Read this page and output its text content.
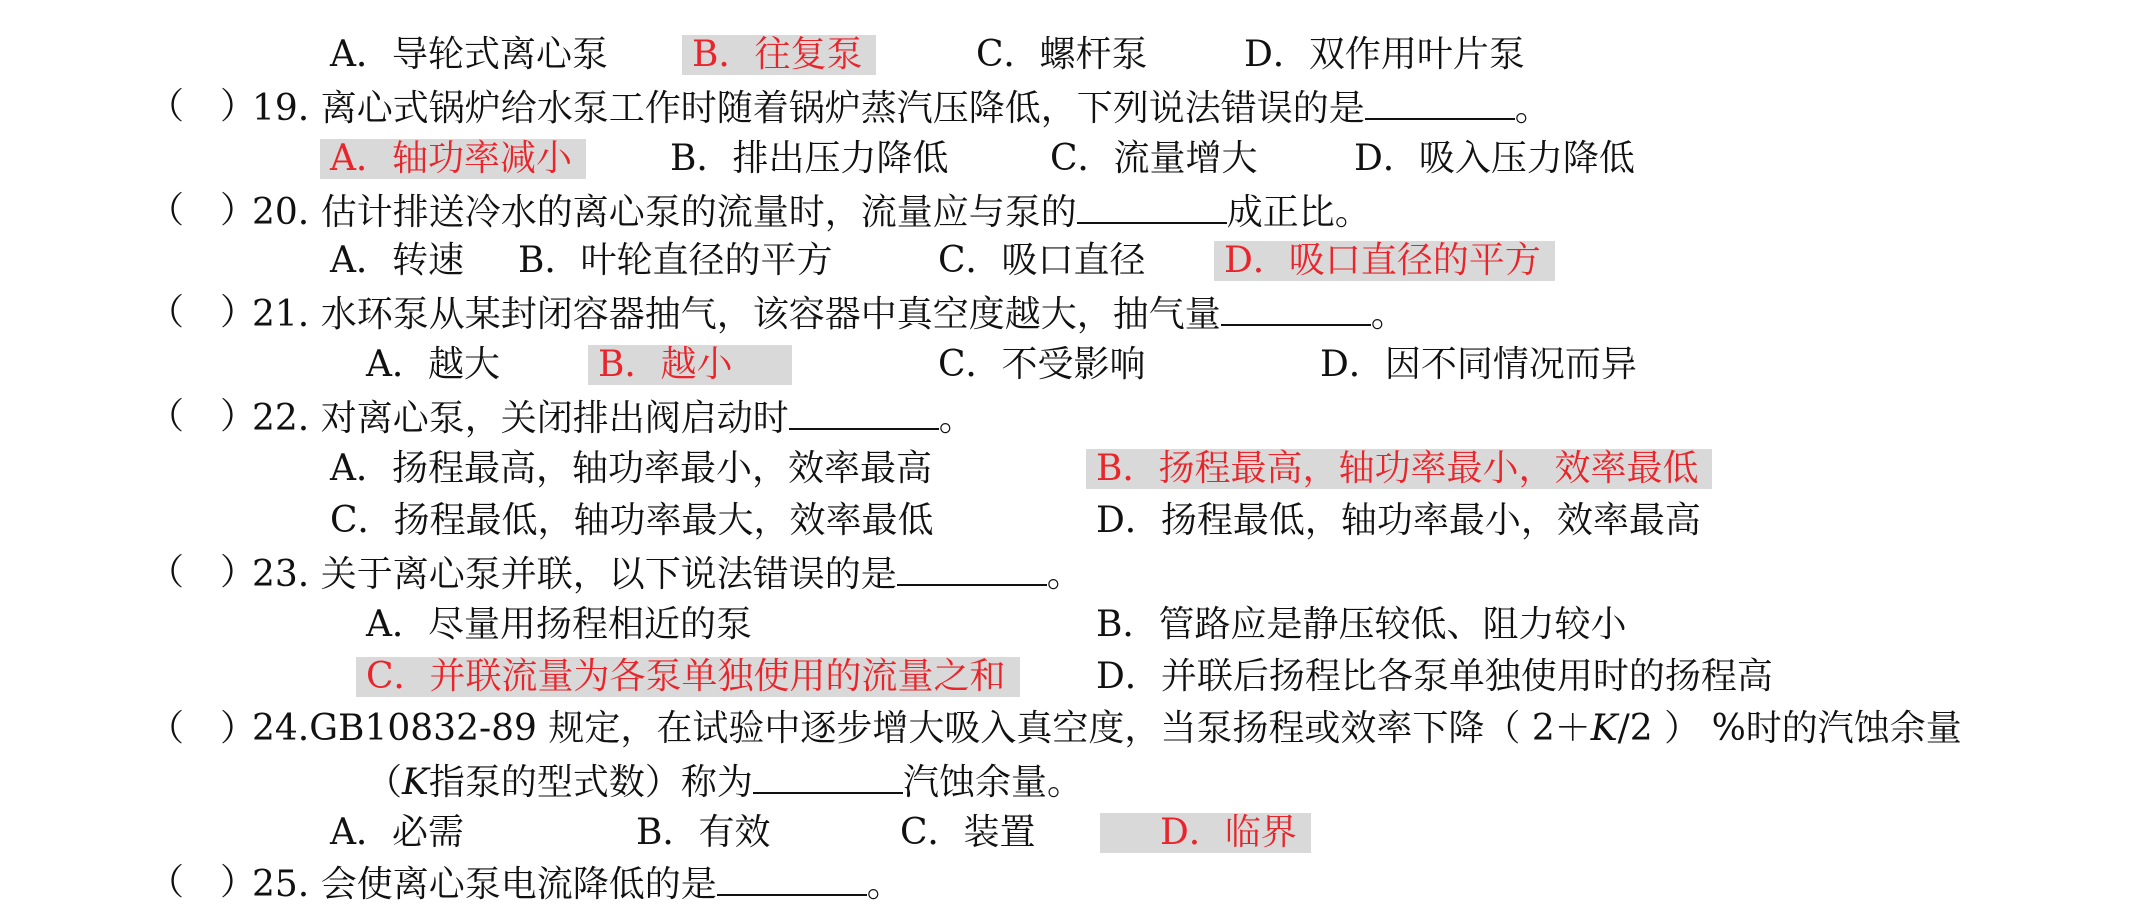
A．导轮式离心泵 B．往复泵	C．螺杆泵	D．双作用叶片泵
（　）
19. 离心式锅炉给水泵工作时随着锅炉蒸汽压降低，下列说法错误的是	。
A．轴功率减小	B．排出压力降低	C．流量增大	D．吸入压力降低
（　）
20. 估计排送冷水的离心泵的流量时，流量应与泵的	成正比。
A．转速 B．叶轮直径的平方	C．吸口直径 D．吸口直径的平方
（　）
21. 水环泵从某封闭容器抽气，该容器中真空度越大，抽气量	。
A．越大	B．越小	C．不受影响	D．因不同情况而异
（　）
22. 对离心泵，关闭排出阀启动时	。
A．扬程最高，轴功率最小，效率最高	B．扬程最高，轴功率最小，效率最低
C．扬程最低，轴功率最大，效率最低	D．扬程最低，轴功率最小，效率最高
（　）
23. 关于离心泵并联，以下说法错误的是	。
A．尽量用扬程相近的泵	B．管路应是静压较低、阻力较小
C．并联流量为各泵单独使用的流量之和	D．并联后扬程比各泵单独使用时的扬程高
（　）
24.GB10832-89 规定，在试验中逐步增大吸入真空度，当泵扬程或效率下降（ 2＋K/2 ） %时的汽蚀余量
（K指泵的型式数）称为	汽蚀余量。
A．必需	B．有效	C．装置	D．临界
（　）
25. 会使离心泵电流降低的是	。
